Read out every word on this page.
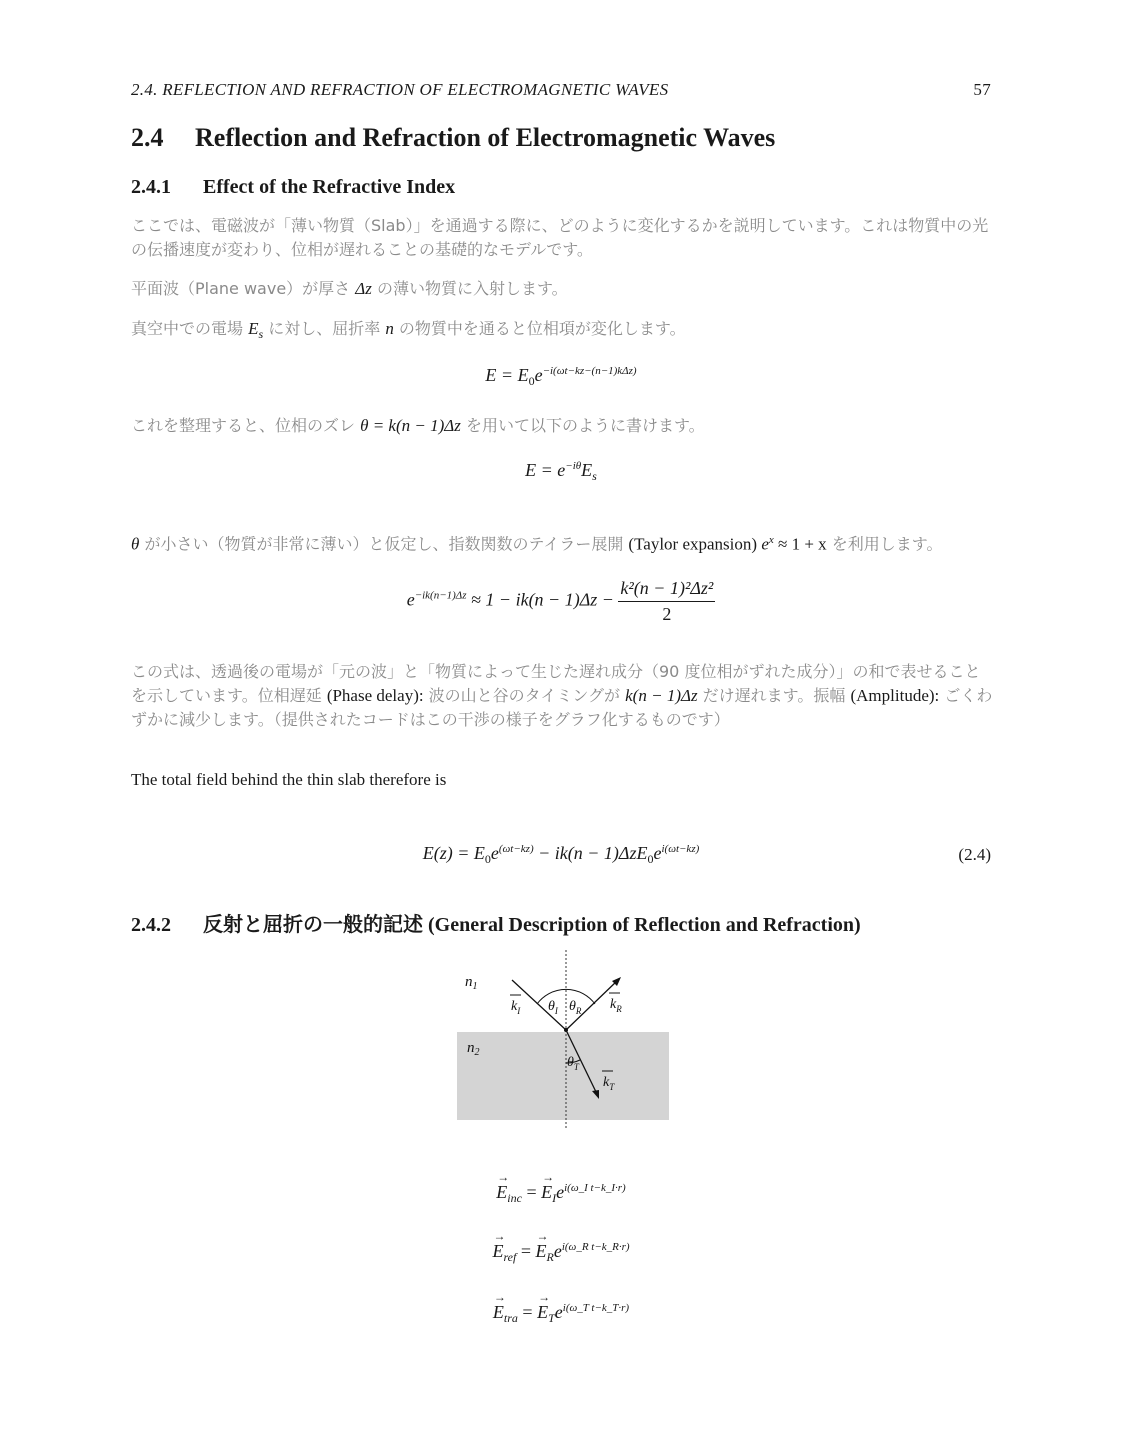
2.4. REFLECTION AND REFRACTION OF ELECTROMAGNETIC WAVES	57
2.4 Reflection and Refraction of Electromagnetic Waves
2.4.1 Effect of the Refractive Index
ここでは、電磁波が「薄い物質（Slab）」を通過する際に、どのように変化するかを説明しています。これは物質中の光の伝播速度が変わり、位相が遅れることの基礎的なモデルです。
平面波（Plane wave）が厚さ Δz の薄い物質に入射します。
真空中での電場 $E_s$ に対し、屈折率 n の物質中を通ると位相項が変化します。
$E = E_0e^{-i(\omega t-kz-(n-1)k\Delta z)}$
これを整理すると、位相のズレ θ = k(n − 1)Δz を用いて以下のように書けます。
$E = e^{-i\theta}E_s$
θ が小さい（物質が非常に薄い）と仮定し、指数関数のテイラー展開 (Taylor expansion) $e^x \approx 1 + x$ を利用します。
$e^{-ik(n-1)\Delta z} \approx 1 - ik(n - 1)\Delta z - \frac{\text{k²(n − 1)²Δz²}}{2}$
この式は、透過後の電場が「元の波」と「物質によって生じた遅れ成分（90 度位相がずれた成分）」の和で表せることを示しています。位相遅延 (Phase delay): 波の山と谷のタイミングが k(n − 1)Δz だけ遅れます。振幅 (Amplitude): ごくわずかに減少します。（提供されたコードはこの干渉の様子をグラフ化するものです）
The total field behind the thin slab therefore is
$E(z) = E_0e^{(\omega t-kz)} - ik(n - 1)\Delta zE_0e^{i(\omega t-kz)}$	(2.4)
2.4.2 反射と屈折の一般的記述 (General Description of Reflection and Refraction)
$n_1$
$n_2$
$k_I$	$k_R$
$k_T$
$\theta_I$ $\theta_R$
$\theta_T$
→ $E_{inc}$ = → $E_Ie^{i(\omega\_I t-k\_I\cdot r)}$
→ $E_{ref}$ = → $E_Re^{i(\omega\_R t-k\_R\cdot r)}$
→ $E_{tra}$ = → $E_Te^{i(\omega\_T t-k\_T\cdot r)}$
